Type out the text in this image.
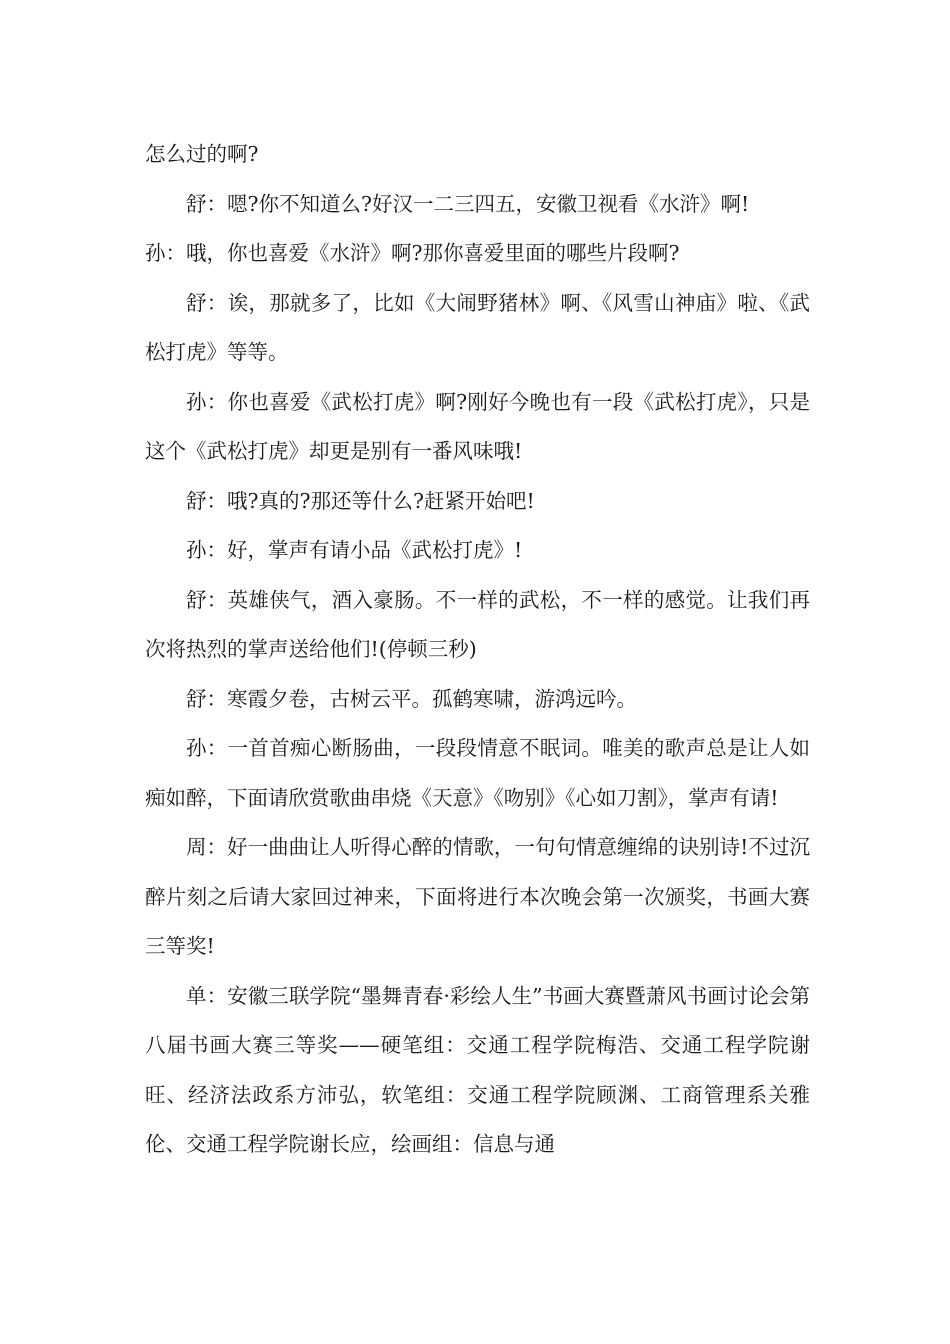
怎么过的啊?

舒：嗯?你不知道么?好汉一二三四五，安徽卫视看《水浒》啊!

孙：哦，你也喜爱《水浒》啊?那你喜爱里面的哪些片段啊?

舒：诶，那就多了，比如《大闹野猪林》啊、《风雪山神庙》啦、《武松打虎》等等。

孙：你也喜爱《武松打虎》啊?刚好今晚也有一段《武松打虎》，只是这个《武松打虎》却更是别有一番风味哦!

舒：哦?真的?那还等什么?赶紧开始吧!

孙：好，掌声有请小品《武松打虎》!

舒：英雄侠气，酒入豪肠。不一样的武松，不一样的感觉。让我们再次将热烈的掌声送给他们!(停顿三秒)

舒：寒霞夕卷，古树云平。孤鹤寒啸，游鸿远吟。

孙：一首首痴心断肠曲，一段段情意不眠词。唯美的歌声总是让人如痴如醉，下面请欣赏歌曲串烧《天意》《吻别》《心如刀割》，掌声有请!

周：好一曲曲让人听得心醉的情歌，一句句情意缠绵的诀别诗!不过沉醉片刻之后请大家回过神来，下面将进行本次晚会第一次颁奖，书画大赛三等奖!

单：安徽三联学院“墨舞青春·彩绘人生”书画大赛暨萧风书画讨论会第八届书画大赛三等奖——硬笔组：交通工程学院梅浩、交通工程学院谢旺、经济法政系方沛弘，软笔组：交通工程学院顾渊、工商管理系关雅伦、交通工程学院谢长应，绘画组：信息与通
